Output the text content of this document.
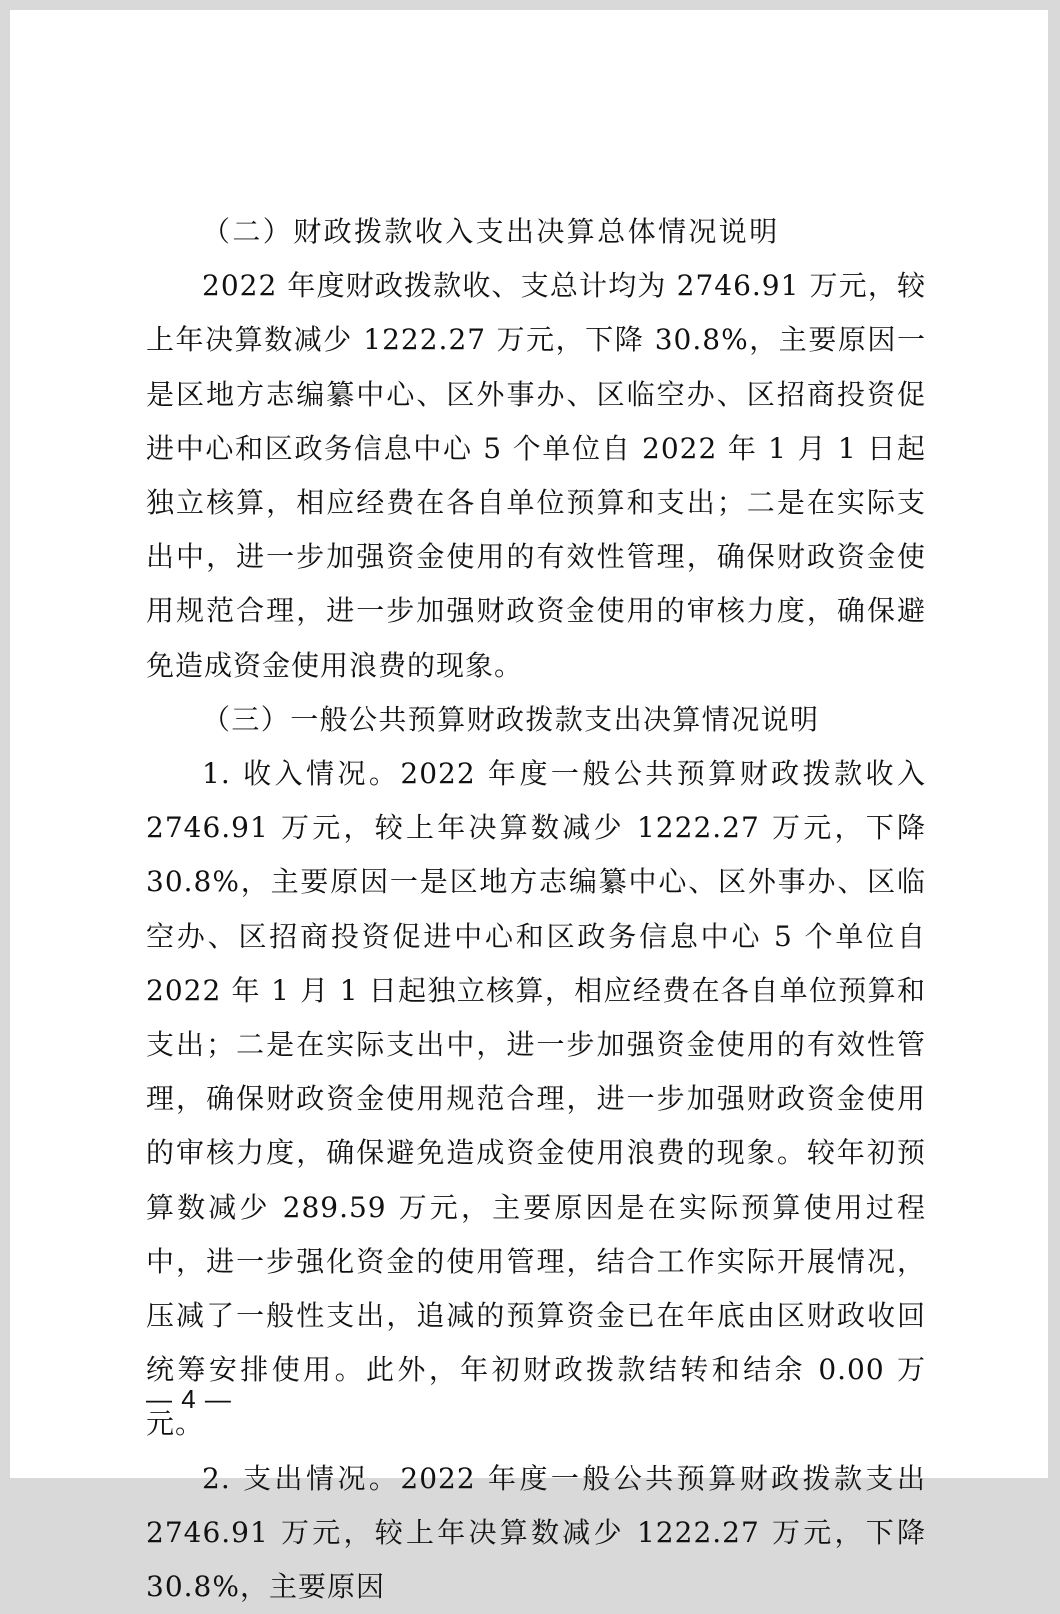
（二）财政拨款收入支出决算总体情况说明

2022 年度财政拨款收、支总计均为 2746.91 万元，较上年决算数减少 1222.27 万元，下降 30.8%，主要原因一是区地方志编纂中心、区外事办、区临空办、区招商投资促进中心和区政务信息中心 5 个单位自 2022 年 1 月 1 日起独立核算，相应经费在各自单位预算和支出；二是在实际支出中，进一步加强资金使用的有效性管理，确保财政资金使用规范合理，进一步加强财政资金使用的审核力度，确保避免造成资金使用浪费的现象。

（三）一般公共预算财政拨款支出决算情况说明

1. 收入情况。2022 年度一般公共预算财政拨款收入 2746.91 万元，较上年决算数减少 1222.27 万元，下降 30.8%，主要原因一是区地方志编纂中心、区外事办、区临空办、区招商投资促进中心和区政务信息中心 5 个单位自 2022 年 1 月 1 日起独立核算，相应经费在各自单位预算和支出；二是在实际支出中，进一步加强资金使用的有效性管理，确保财政资金使用规范合理，进一步加强财政资金使用的审核力度，确保避免造成资金使用浪费的现象。较年初预算数减少 289.59 万元，主要原因是在实际预算使用过程中，进一步强化资金的使用管理，结合工作实际开展情况，压减了一般性支出，追减的预算资金已在年底由区财政收回统筹安排使用。此外，年初财政拨款结转和结余 0.00 万元。

2. 支出情况。2022 年度一般公共预算财政拨款支出 2746.91 万元，较上年决算数减少 1222.27 万元，下降 30.8%，主要原因

— 4 —
